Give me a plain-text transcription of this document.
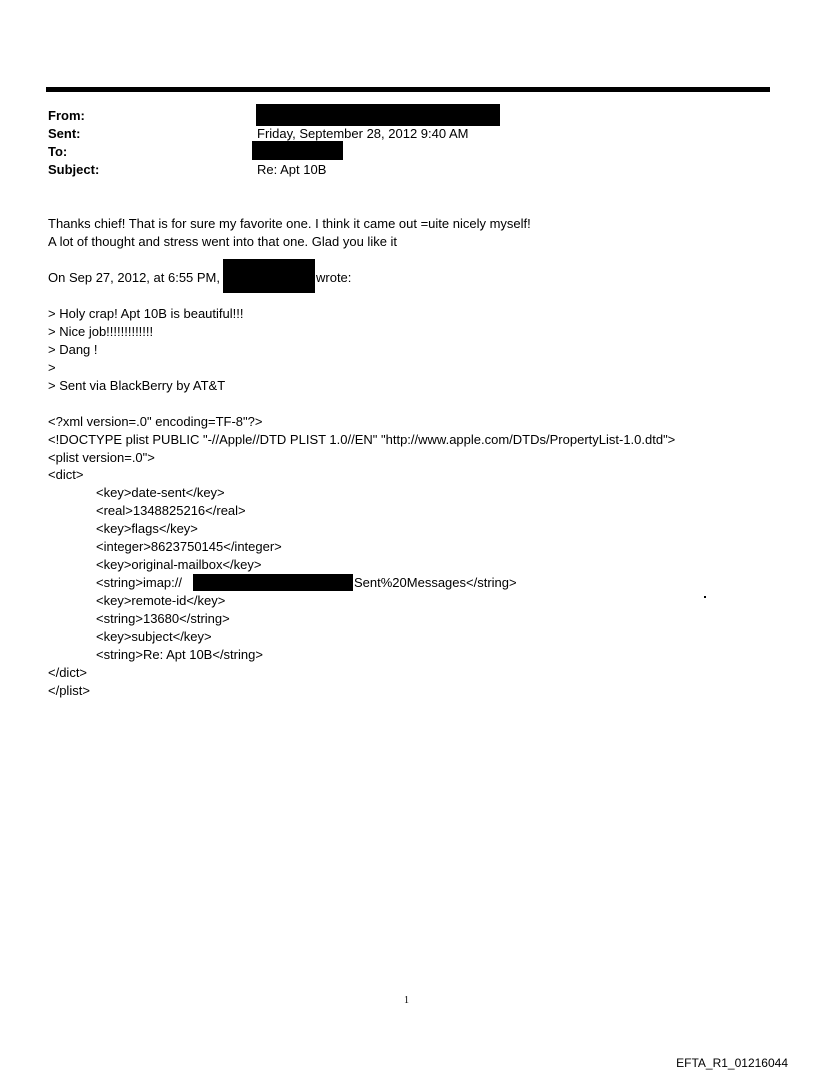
From:
Sent:	Friday, September 28, 2012 9:40 AM
To:
Subject:	Re: Apt 10B
Thanks chief! That is for sure my favorite one. I think it came out =uite nicely myself!
A lot of thought and stress went into that one. Glad you like it
On Sep 27, 2012, at 6:55 PM,	wrote:
> Holy crap! Apt 10B is beautiful!!!
> Nice job!!!!!!!!!!!!!
> Dang !
>
> Sent via BlackBerry by AT&T
<?xml version=.0" encoding=TF-8"?>
<!DOCTYPE plist PUBLIC "-//Apple//DTD PLIST 1.0//EN" "http://www.apple.com/DTDs/PropertyList-1.0.dtd">
<plist version=.0">
<dict>
<key>date-sent</key>
<real>1348825216</real>
<key>flags</key>
<integer>8623750145</integer>
<key>original-mailbox</key>
<string>imap://	Sent%20Messages</string>
<key>remote-id</key>
<string>13680</string>
<key>subject</key>
<string>Re: Apt 10B</string>
</dict>
</plist>
1
EFTA_R1_01216044
